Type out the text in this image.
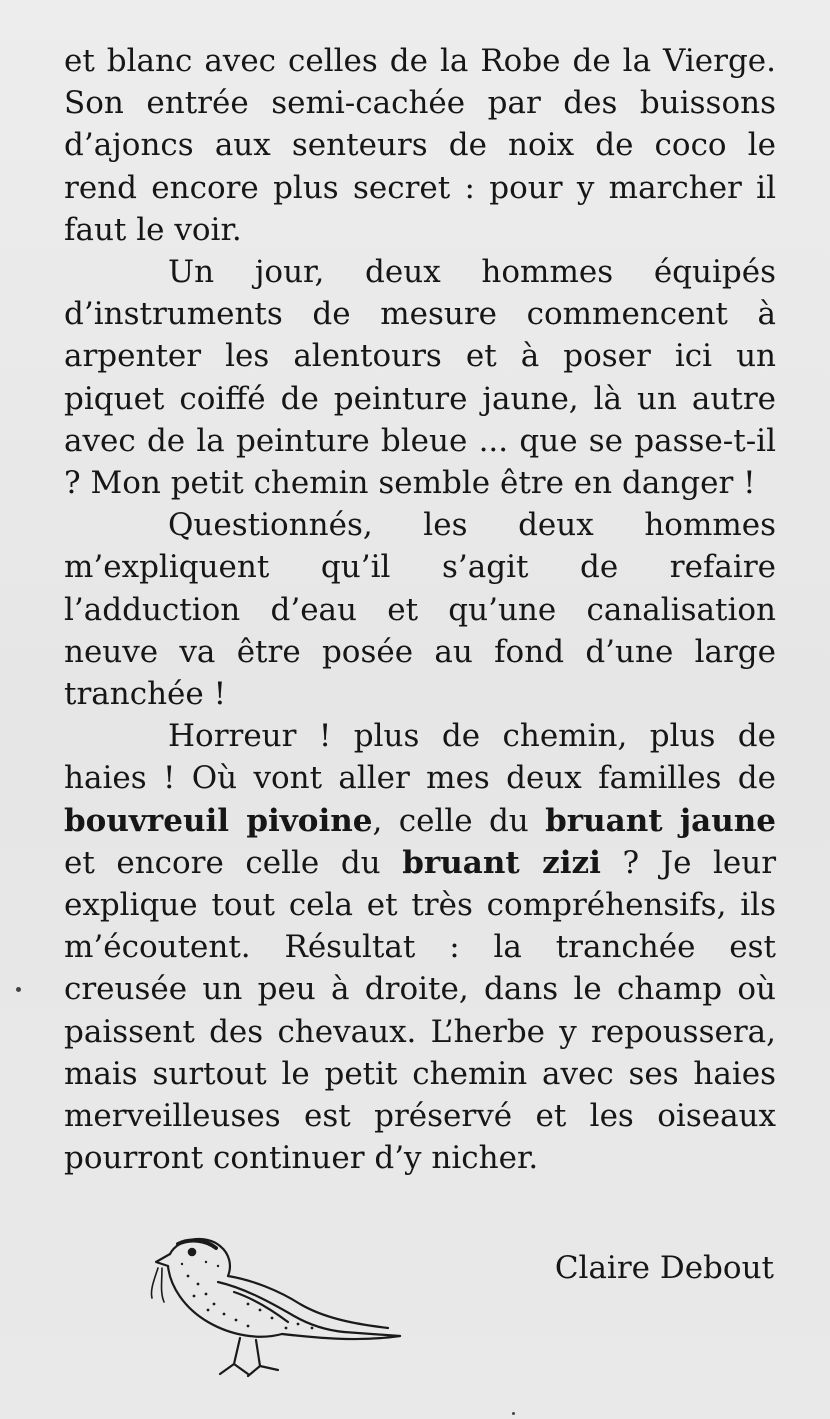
et blanc avec celles de la Robe de la Vierge. Son entrée semi-cachée par des buissons d’ajoncs aux senteurs de noix de coco le rend encore plus secret : pour y marcher il faut le voir.

Un jour, deux hommes équipés d’instruments de mesure commencent à arpenter les alentours et à poser ici un piquet coiffé de peinture jaune, là un autre avec de la peinture bleue ... que se passe-t-il ? Mon petit chemin semble être en danger !

Questionnés, les deux hommes m’expliquent qu’il s’agit de refaire l’adduction d’eau et qu’une canalisation neuve va être posée au fond d’une large tranchée !

Horreur ! plus de chemin, plus de haies ! Où vont aller mes deux familles de bouvreuil pivoine, celle du bruant jaune et encore celle du bruant zizi ? Je leur explique tout cela et très compréhensifs, ils m’écoutent. Résultat : la tranchée est creusée un peu à droite, dans le champ où paissent des chevaux. L’herbe y repoussera, mais surtout le petit chemin avec ses haies merveilleuses est préservé et les oiseaux pourront continuer d’y nicher.

Claire Debout
